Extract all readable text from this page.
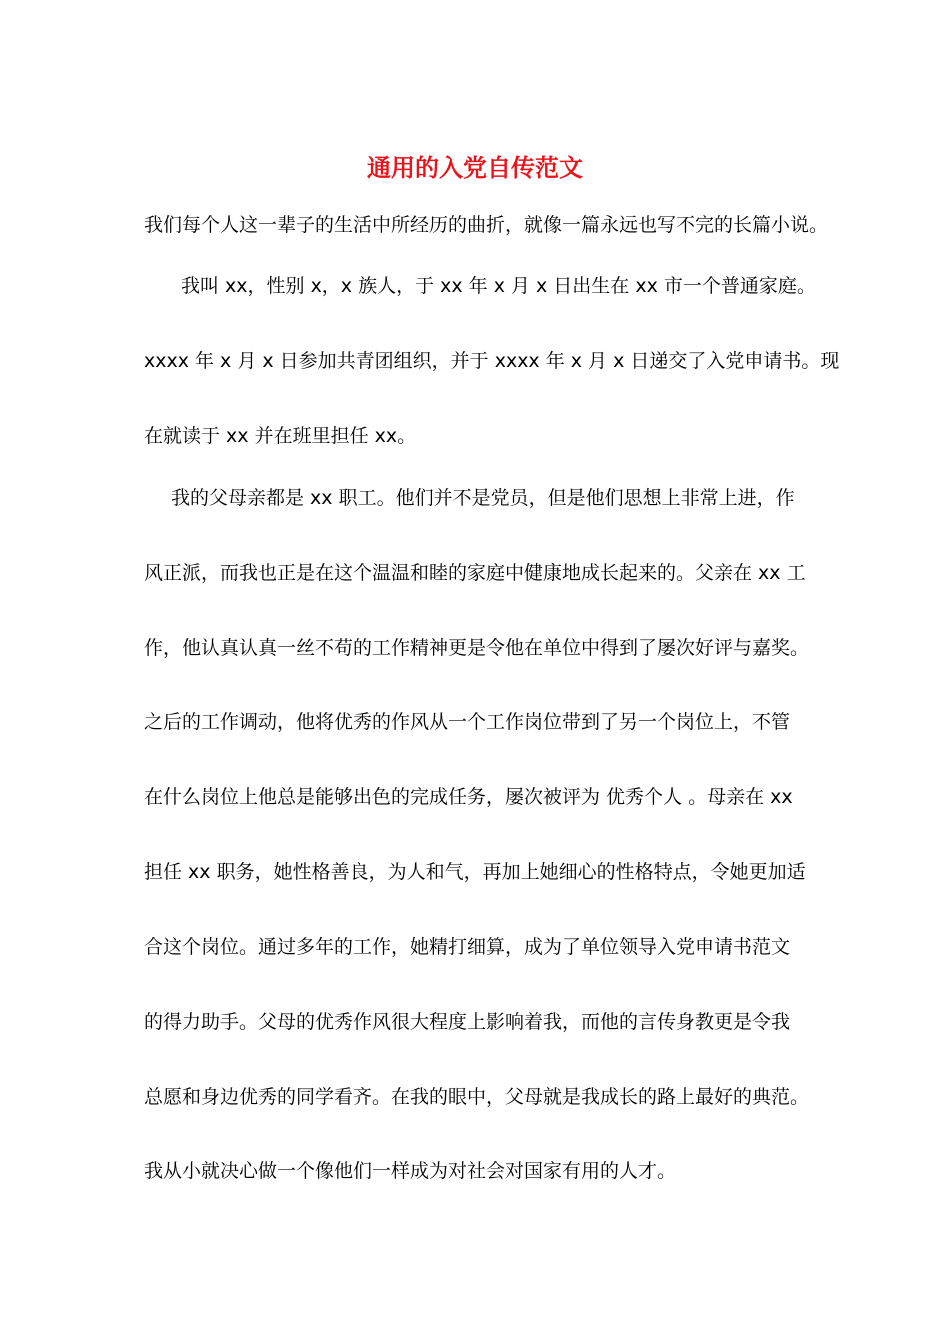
通用的入党自传范文
我们每个人这一辈子的生活中所经历的曲折，就像一篇永远也写不完的长篇小说。
我叫 xx，性别 x，x 族人，于 xx 年 x 月 x 日出生在 xx 市一个普通家庭。
xxxx 年 x 月 x 日参加共青团组织，并于 xxxx 年 x 月 x 日递交了入党申请书。现
在就读于 xx 并在班里担任 xx。
我的父母亲都是 xx 职工。他们并不是党员，但是他们思想上非常上进，作
风正派，而我也正是在这个温温和睦的家庭中健康地成长起来的。父亲在 xx 工
作，他认真认真一丝不苟的工作精神更是令他在单位中得到了屡次好评与嘉奖。
之后的工作调动，他将优秀的作风从一个工作岗位带到了另一个岗位上，不管
在什么岗位上他总是能够出色的完成任务，屡次被评为 优秀个人 。母亲在 xx
担任 xx 职务，她性格善良，为人和气，再加上她细心的性格特点，令她更加适
合这个岗位。通过多年的工作，她精打细算，成为了单位领导入党申请书范文
的得力助手。父母的优秀作风很大程度上影响着我，而他的言传身教更是令我
总愿和身边优秀的同学看齐。在我的眼中，父母就是我成长的路上最好的典范。
我从小就决心做一个像他们一样成为对社会对国家有用的人才。
